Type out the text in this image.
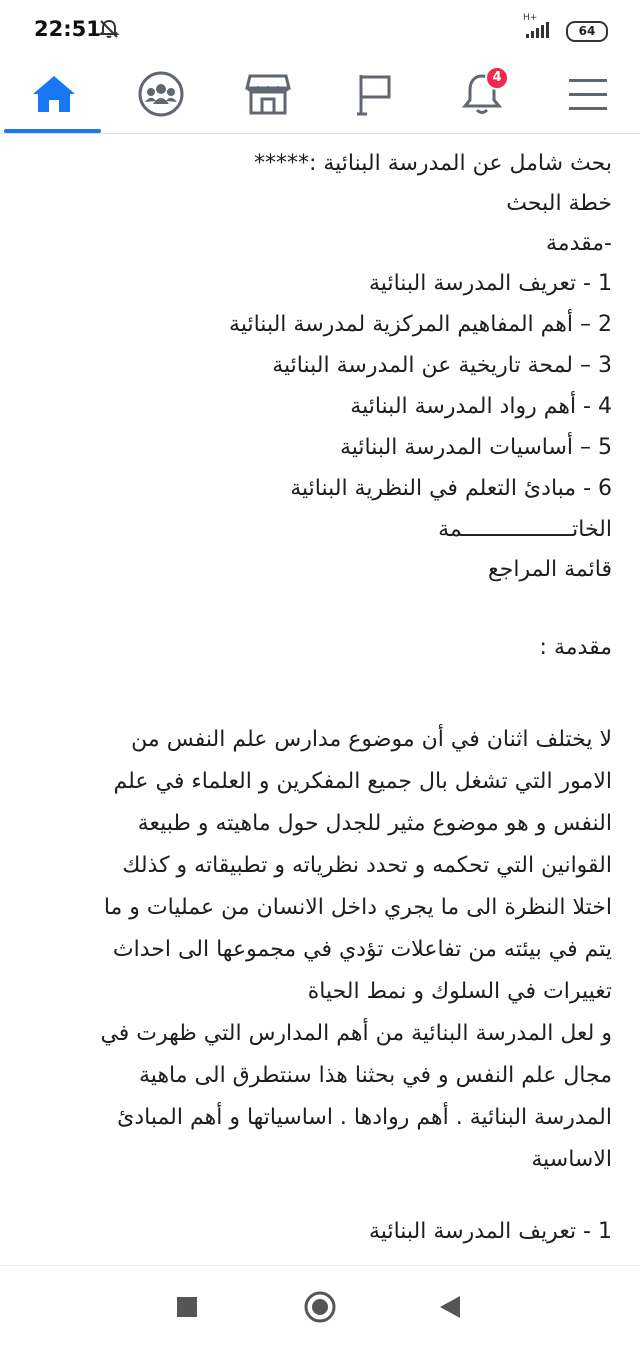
22:51	H+
64
4
بحث شامل عن المدرسة البنائية :*****
خطة البحث
-مقدمة
1 - تعريف المدرسة البنائية
2 – أهم المفاهيم المركزية لمدرسة البنائية
3 – لمحة تاريخية عن المدرسة البنائية
4 - أهم رواد المدرسة البنائية
5 – أساسيات المدرسة البنائية
6 - مبادئ التعلم في النظرية البنائية
الخاتـــــــــــــــــمة
قائمة المراجع
مقدمة :
لا يختلف اثنان في أن موضوع مدارس علم النفس من
الامور التي تشغل بال جميع المفكرين و العلماء في علم
النفس و هو موضوع مثير للجدل حول ماهيته و طبيعة
القوانين التي تحكمه و تحدد نظرياته و تطبيقاته و كذلك
اختلا النظرة الى ما يجري داخل الانسان من عمليات و ما
يتم في بيئته من تفاعلات تؤدي في مجموعها الى احداث
تغييرات في السلوك و نمط الحياة
و لعل المدرسة البنائية من أهم المدارس التي ظهرت في
مجال علم النفس و في بحثنا هذا سنتطرق الى ماهية
المدرسة البنائية . أهم روادها . اساسياتها و أهم المبادئ
الاساسية
1 - تعريف المدرسة البنائية
